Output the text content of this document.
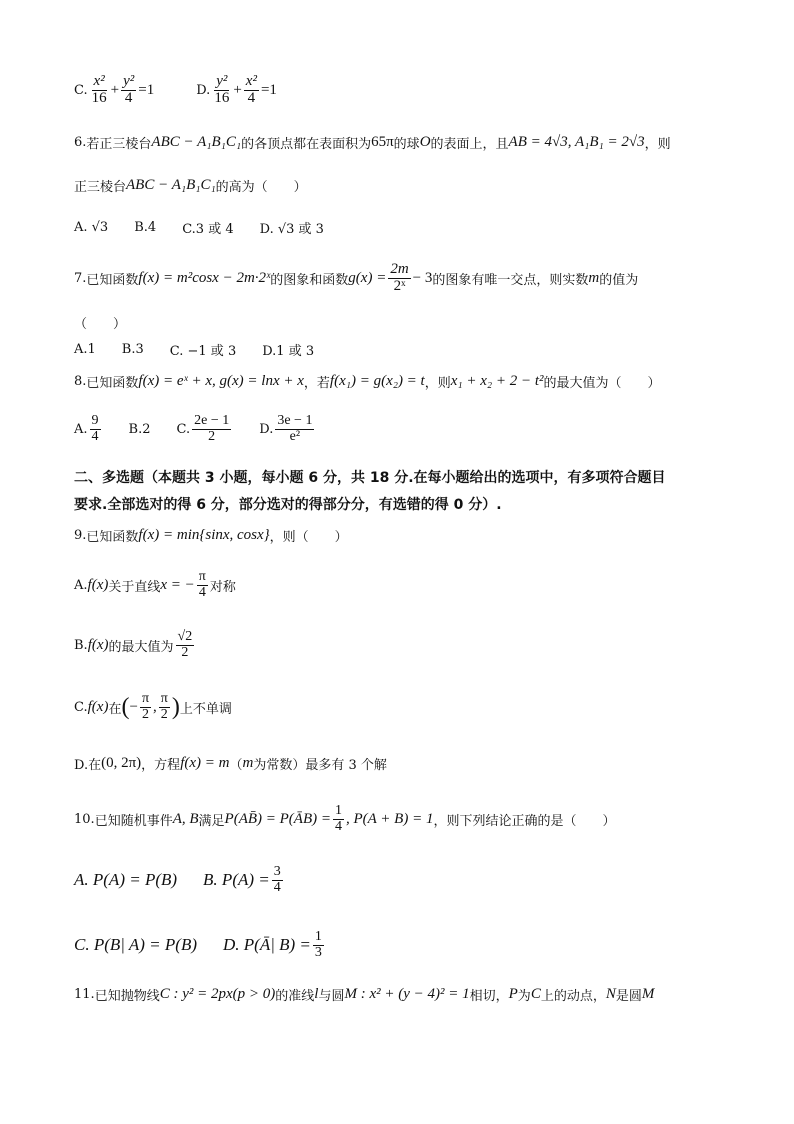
C. $\frac{\text{x²}}{16} + \frac{\text{y²}}{4} =1$	D. $\frac{\text{y²}}{16} + \frac{\text{x²}}{4} =1$
6. 若正三棱台 ABC − A₁B₁C₁ 的各顶点都在表面积为 65π 的球 O 的表面上，且 AB = 4√3, A₁B₁ = 2√3 ，则
正三棱台 ABC − A₁B₁C₁ 的高为（　　）
A. √3 B.4 C.3 或 4 D. √3 或 3
7. 已知函数 f(x) = m²cosx − 2m·2ˣ 的图象和函数 $g(x) = \frac{2m}{\text{2ˣ}} - 3$ 的图象有唯一交点，则实数 m 的值为
（　　）
A.1 B.3 C. −1 或 3 D.1 或 3
8. 已知函数 f(x) = eˣ + x, g(x) = lnx + x ，若 f(x₁) = g(x₂) = t ，则 x₁ + x₂ + 2 − t² 的最大值为（　　）
A. $\frac{9}{4} B.2$ C. $\frac{2e - 1}{2} D$. $\frac{3e - 1}{\text{e²}}$
二、多选题（本题共 3 小题，每小题 6 分，共 18 分.在每小题给出的选项中，有多项符合题目
要求.全部选对的得 6 分，部分选对的得部分分，有选错的得 0 分）.
9. 已知函数 f(x) = min{sinx, cosx} ，则（　　）
A. f(x) 关于直线 x = − $\frac{\pi}{4}$ 对称
B. f(x) 的最大值为 $\frac{√2}{2}$
C. f(x) 在 ( − $\frac{\pi}{2}$ , $\frac{\pi}{2}$ ) 上不单调
D.在 (0, 2π) ，方程 f(x) = m （ m 为常数）最多有 3 个解
10. 已知随机事件 A, B 满足 P(AB̄) = P(ĀB) = $\frac{1}{4}$ , P(A + B) = 1 ，则下列结论正确的是（　　）
A. P(A) = P(B) B. $P(A) = \frac{3}{4}$
C. P(B| A) = P(B) D. P(Ā| $B) = \frac{1}{3}$
11. 已知抛物线 C : y² = 2px(p > 0) 的准线 l 与圆 M : x² + (y − 4)² = 1 相切， P 为 C 上的动点， N 是圆 M
